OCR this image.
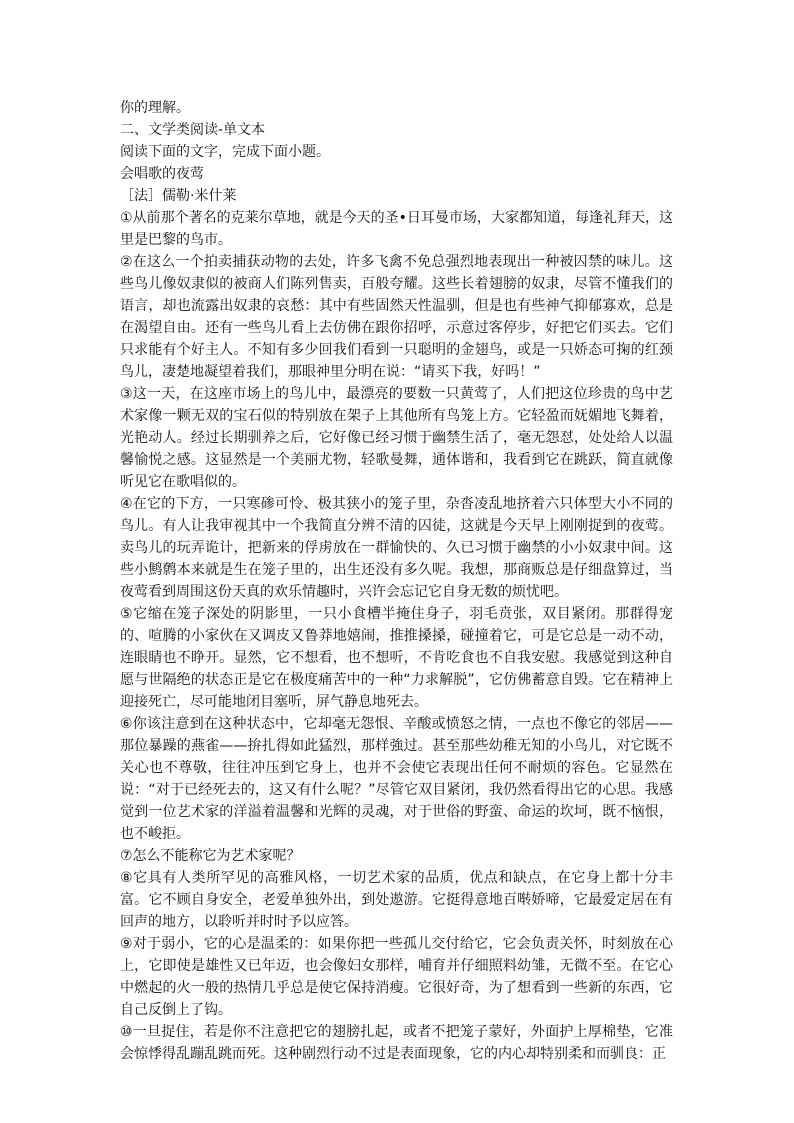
你的理解。

二、文学类阅读-单文本

阅读下面的文字，完成下面小题。

会唱歌的夜莺

［法］儒勒·米什莱

①从前那个著名的克莱尔草地，就是今天的圣•日耳曼市场，大家都知道，每逢礼拜天，这里是巴黎的鸟市。

②在这么一个拍卖捕获动物的去处，许多飞禽不免总强烈地表现出一种被囚禁的味儿。这些鸟儿像奴隶似的被商人们陈列售卖，百般夸耀。这些长着翅膀的奴隶，尽管不懂我们的语言，却也流露出奴隶的哀愁：其中有些固然天性温驯，但是也有些神气抑郁寡欢，总是在渴望自由。还有一些鸟儿看上去仿佛在跟你招呼，示意过客停步，好把它们买去。它们只求能有个好主人。不知有多少回我们看到一只聪明的金翅鸟，或是一只娇态可掬的红颈鸟儿，凄楚地凝望着我们，那眼神里分明在说：“请买下我，好吗！”

③这一天，在这座市场上的鸟儿中，最漂亮的要数一只黄莺了，人们把这位珍贵的鸟中艺术家像一颗无双的宝石似的特别放在架子上其他所有鸟笼上方。它轻盈而妩媚地飞舞着，光艳动人。经过长期驯养之后，它好像已经习惯于幽禁生活了，毫无怨怼，处处给人以温馨愉悦之感。这显然是一个美丽尤物，轻歌曼舞，通体谐和，我看到它在跳跃，简直就像听见它在歌唱似的。

④在它的下方，一只寒碜可怜、极其狭小的笼子里，杂沓凌乱地挤着六只体型大小不同的鸟儿。有人让我审视其中一个我简直分辨不清的囚徒，这就是今天早上刚刚捉到的夜莺。卖鸟儿的玩弄诡计，把新来的俘虏放在一群愉快的、久已习惯于幽禁的小小奴隶中间。这些小鹪鹩本来就是生在笼子里的，出生还没有多久呢。我想，那商贩总是仔细盘算过，当夜莺看到周围这份天真的欢乐情趣时，兴许会忘记它自身无数的烦忧吧。

⑤它缩在笼子深处的阴影里，一只小食槽半掩住身子，羽毛贲张，双目紧闭。那群得宠的、喧腾的小家伙在又调皮又鲁莽地嬉闹，推推搡搡，碰撞着它，可是它总是一动不动，连眼睛也不睁开。显然，它不想看，也不想听，不肯吃食也不自我安慰。我感觉到这种自愿与世隔绝的状态正是它在极度痛苦中的一种“力求解脱”，它仿佛蓄意自毁。它在精神上迎接死亡，尽可能地闭目塞听，屏气静息地死去。

⑥你该注意到在这种状态中，它却毫无怨恨、辛酸或愤怒之情，一点也不像它的邻居——那位暴躁的燕雀——拚扎得如此猛烈，那样強过。甚至那些幼稚无知的小鸟儿，对它既不关心也不尊敬，往往冲压到它身上，也并不会使它表现出任何不耐烦的容色。它显然在说：“对于已经死去的，这又有什么呢？”尽管它双目紧闭，我仍然看得出它的心思。我感觉到一位艺术家的洋溢着温馨和光辉的灵魂，对于世俗的野蛮、命运的坎坷，既不恼恨，也不峻拒。

⑦怎么不能称它为艺术家呢？

⑧它具有人类所罕见的高雅风格，一切艺术家的品质，优点和缺点，在它身上都十分丰富。它不顾自身安全，老爱单独外出，到处遨游。它挺得意地百啭娇啼，它最爱定居在有回声的地方，以聆听并时时予以应答。

⑨对于弱小，它的心是温柔的：如果你把一些孤儿交付给它，它会负责关怀，时刻放在心上，它即使是雄性又已年迈，也会像妇女那样，哺育并仔细照料幼雏，无微不至。在它心中燃起的火一般的热情几乎总是使它保持消瘦。它很好奇，为了想看到一些新的东西，它自己反倒上了钩。

⑩一旦捉住，若是你不注意把它的翅膀扎起，或者不把笼子蒙好，外面护上厚棉垫，它准会惊悸得乱蹦乱跳而死。这种剧烈行动不过是表面现象，它的内心却特别柔和而驯良：正
